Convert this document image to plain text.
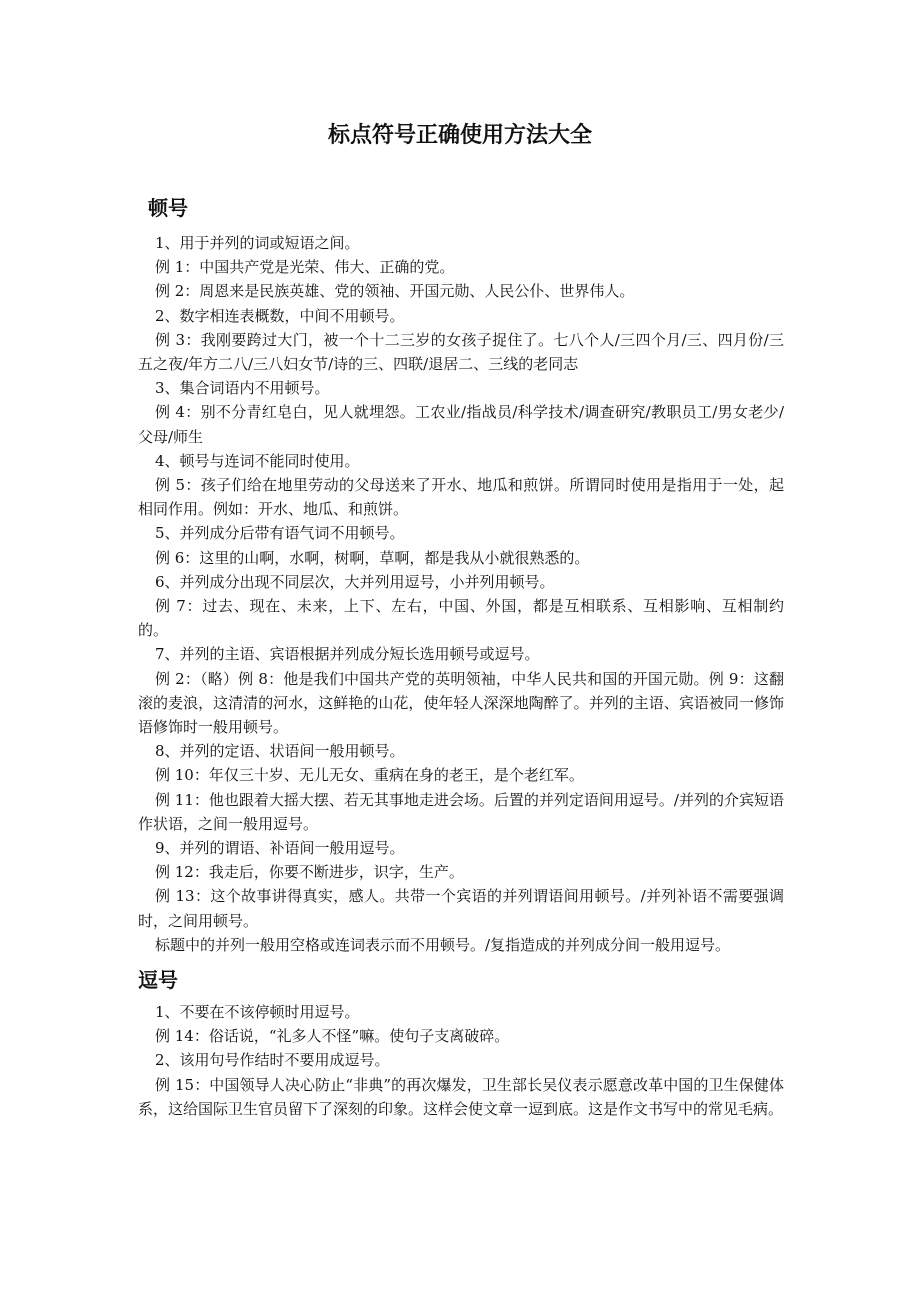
标点符号正确使用方法大全
顿号

1、用于并列的词或短语之间。

例 1：中国共产党是光荣、伟大、正确的党。

例 2：周恩来是民族英雄、党的领袖、开国元勋、人民公仆、世界伟人。

2、数字相连表概数，中间不用顿号。

例 3：我刚要跨过大门，被一个十二三岁的女孩子捉住了。七八个人/三四个月/三、四月份/三五之夜/年方二八/三八妇女节/诗的三、四联/退居二、三线的老同志

3、集合词语内不用顿号。

例 4：别不分青红皂白，见人就埋怨。工农业/指战员/科学技术/调查研究/教职员工/男女老少/父母/师生

4、顿号与连词不能同时使用。

例 5：孩子们给在地里劳动的父母送来了开水、地瓜和煎饼。所谓同时使用是指用于一处，起相同作用。例如：开水、地瓜、和煎饼。

5、并列成分后带有语气词不用顿号。

例 6：这里的山啊，水啊，树啊，草啊，都是我从小就很熟悉的。

6、并列成分出现不同层次，大并列用逗号，小并列用顿号。

例 7：过去、现在、未来，上下、左右，中国、外国，都是互相联系、互相影响、互相制约的。

7、并列的主语、宾语根据并列成分短长选用顿号或逗号。

例 2：（略）例 8：他是我们中国共产党的英明领袖，中华人民共和国的开国元勋。例 9：这翻滚的麦浪，这清清的河水，这鲜艳的山花，使年轻人深深地陶醉了。并列的主语、宾语被同一修饰语修饰时一般用顿号。

8、并列的定语、状语间一般用顿号。

例 10：年仅三十岁、无儿无女、重病在身的老王，是个老红军。

例 11：他也跟着大摇大摆、若无其事地走进会场。后置的并列定语间用逗号。/并列的介宾短语作状语，之间一般用逗号。

9、并列的谓语、补语间一般用逗号。

例 12：我走后，你要不断进步，识字，生产。

例 13：这个故事讲得真实，感人。共带一个宾语的并列谓语间用顿号。/并列补语不需要强调时，之间用顿号。

标题中的并列一般用空格或连词表示而不用顿号。/复指造成的并列成分间一般用逗号。

逗号

1、不要在不该停顿时用逗号。

例 14：俗话说，“礼多人不怪”嘛。使句子支离破碎。

2、该用句号作结时不要用成逗号。

例 15：中国领导人决心防止“非典”的再次爆发，卫生部长吴仪表示愿意改革中国的卫生保健体系，这给国际卫生官员留下了深刻的印象。这样会使文章一逗到底。这是作文书写中的常见毛病。
